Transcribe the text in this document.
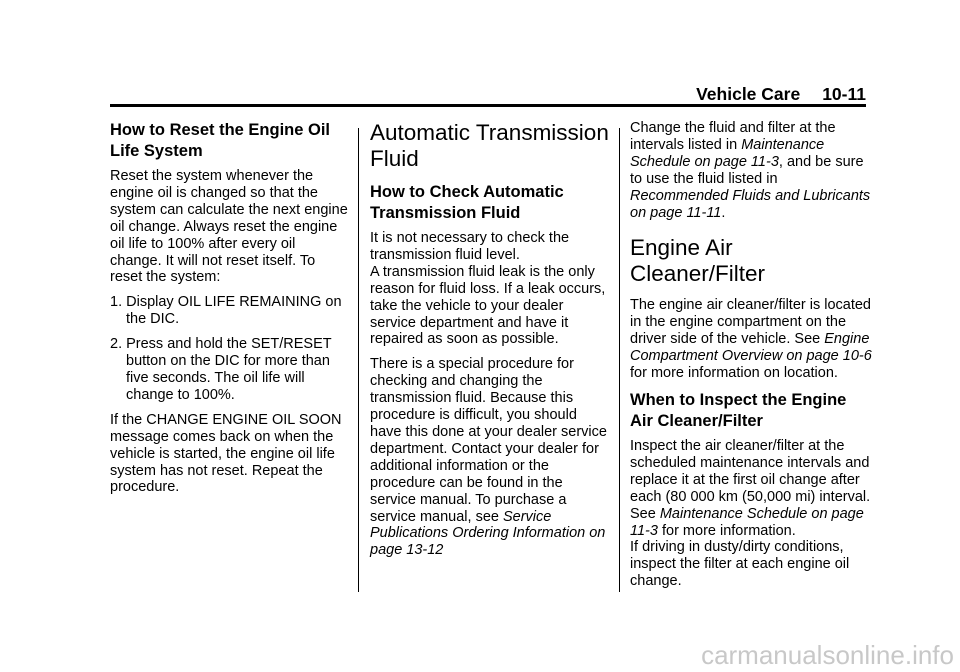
Vehicle Care 10-11
How to Reset the Engine Oil Life System

Reset the system whenever the engine oil is changed so that the system can calculate the next engine oil change. Always reset the engine oil life to 100% after every oil change. It will not reset itself. To reset the system:

1. Display OIL LIFE REMAINING on the DIC.
2. Press and hold the SET/RESET button on the DIC for more than five seconds. The oil life will change to 100%.

If the CHANGE ENGINE OIL SOON message comes back on when the vehicle is started, the engine oil life system has not reset. Repeat the procedure.

Automatic Transmission Fluid
How to Check Automatic Transmission Fluid

It is not necessary to check the transmission fluid level.

A transmission fluid leak is the only reason for fluid loss. If a leak occurs, take the vehicle to your dealer service department and have it repaired as soon as possible.

There is a special procedure for checking and changing the transmission fluid. Because this procedure is difficult, you should have this done at your dealer service department. Contact your dealer for additional information or the procedure can be found in the service manual. To purchase a service manual, see Service Publications Ordering Information on page 13-12

Change the fluid and filter at the intervals listed in Maintenance Schedule on page 11-3, and be sure to use the fluid listed in Recommended Fluids and Lubricants on page 11-11.

Engine Air Cleaner/Filter

The engine air cleaner/filter is located in the engine compartment on the driver side of the vehicle. See Engine Compartment Overview on page 10-6 for more information on location.

When to Inspect the Engine Air Cleaner/Filter

Inspect the air cleaner/filter at the scheduled maintenance intervals and replace it at the first oil change after each (80 000 km (50,000 mi) interval. See Maintenance Schedule on page 11-3 for more information.

If driving in dusty/dirty conditions, inspect the filter at each engine oil change.

carmanualsonline.info
